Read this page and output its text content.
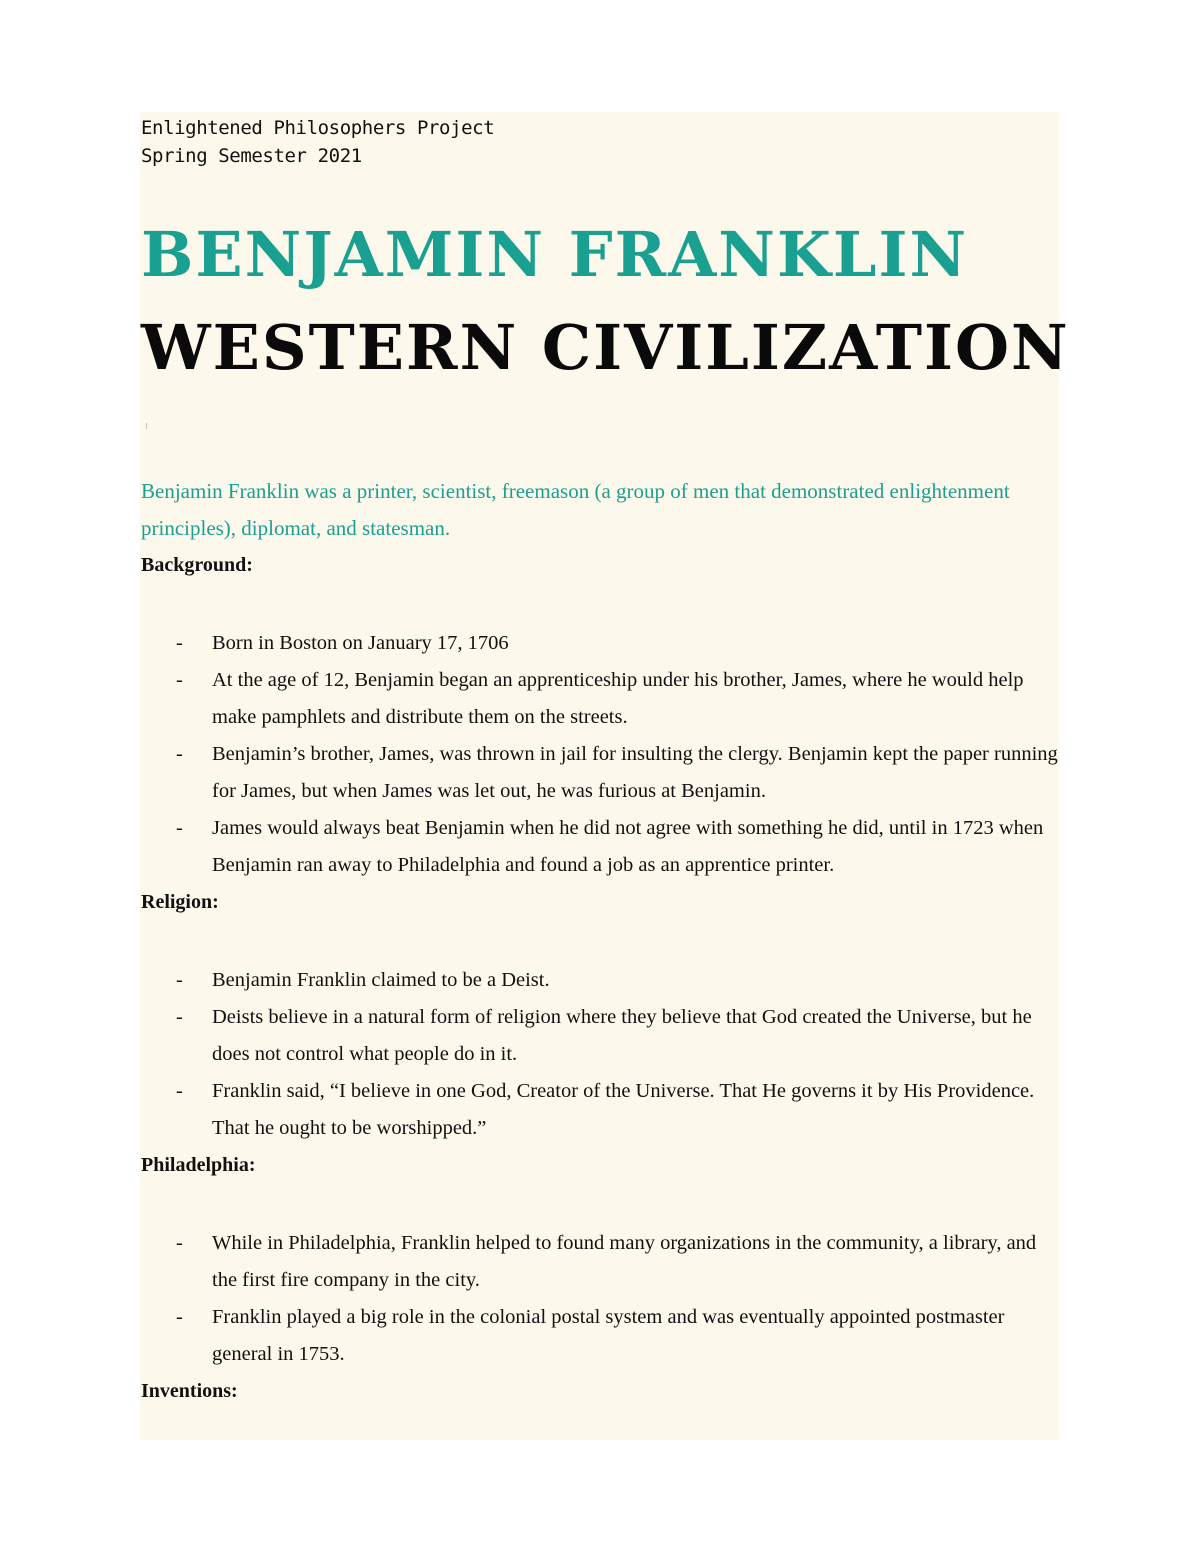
Enlightened Philosophers Project
Spring Semester 2021
BENJAMIN FRANKLIN
WESTERN CIVILIZATION
Benjamin Franklin was a printer, scientist, freemason (a group of men that demonstrated enlightenment principles), diplomat, and statesman.
Background:
- Born in Boston on January 17, 1706
- At the age of 12, Benjamin began an apprenticeship under his brother, James, where he would help make pamphlets and distribute them on the streets.
- Benjamin’s brother, James, was thrown in jail for insulting the clergy. Benjamin kept the paper running for James, but when James was let out, he was furious at Benjamin.
- James would always beat Benjamin when he did not agree with something he did, until in 1723 when Benjamin ran away to Philadelphia and found a job as an apprentice printer.
Religion:
- Benjamin Franklin claimed to be a Deist.
- Deists believe in a natural form of religion where they believe that God created the Universe, but he does not control what people do in it.
- Franklin said, “I believe in one God, Creator of the Universe. That He governs it by His Providence. That he ought to be worshipped.”
Philadelphia:
- While in Philadelphia, Franklin helped to found many organizations in the community, a library, and the first fire company in the city.
- Franklin played a big role in the colonial postal system and was eventually appointed postmaster general in 1753.
Inventions:
